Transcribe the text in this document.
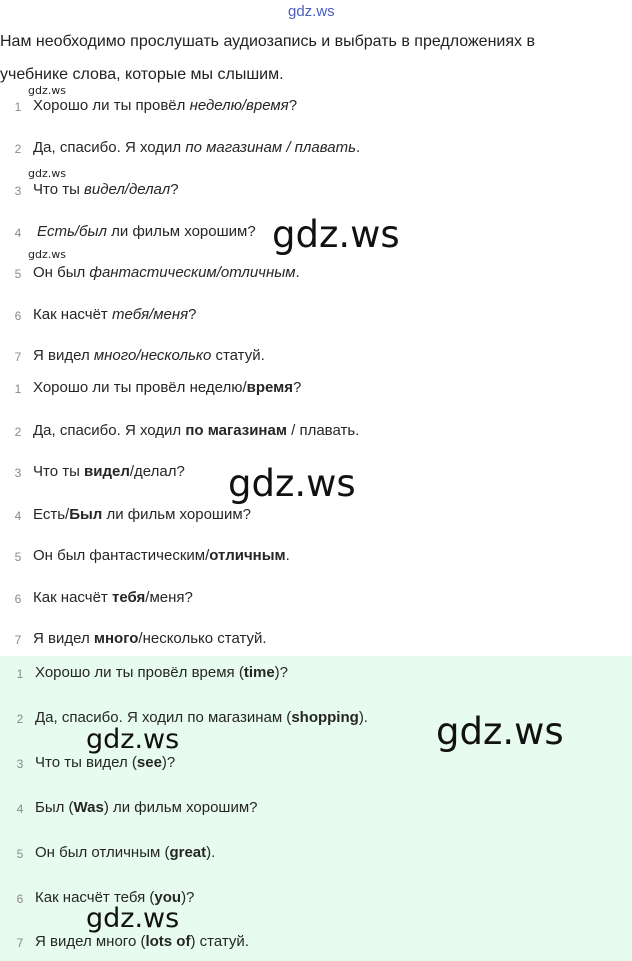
gdz.ws
Нам необходимо прослушать аудиозапись и выбрать в предложениях в
учебнике слова, которые мы слышим.
1 Хорошо ли ты провёл неделю/время?
2 Да, спасибо. Я ходил по магазинам / плавать.
3 Что ты видел/делал?
4 Есть/был ли фильм хорошим?
5 Он был фантастическим/отличным.
6 Как насчёт тебя/меня?
7 Я видел много/несколько статуй.
1 Хорошо ли ты провёл неделю/время?
2 Да, спасибо. Я ходил по магазинам / плавать.
3 Что ты видел/делал?
4 Есть/Был ли фильм хорошим?
5 Он был фантастическим/отличным.
6 Как насчёт тебя/меня?
7 Я видел много/несколько статуй.
1 Хорошо ли ты провёл время (time)?
2 Да, спасибо. Я ходил по магазинам (shopping).
3 Что ты видел (see)?
4 Был (Was) ли фильм хорошим?
5 Он был отличным (great).
6 Как насчёт тебя (you)?
7 Я видел много (lots of) статуй.
gdz.ws
gdz.ws
gdz.ws	gdz.ws
gdz.ws
gdz.ws
gdz.ws
gdz.ws
